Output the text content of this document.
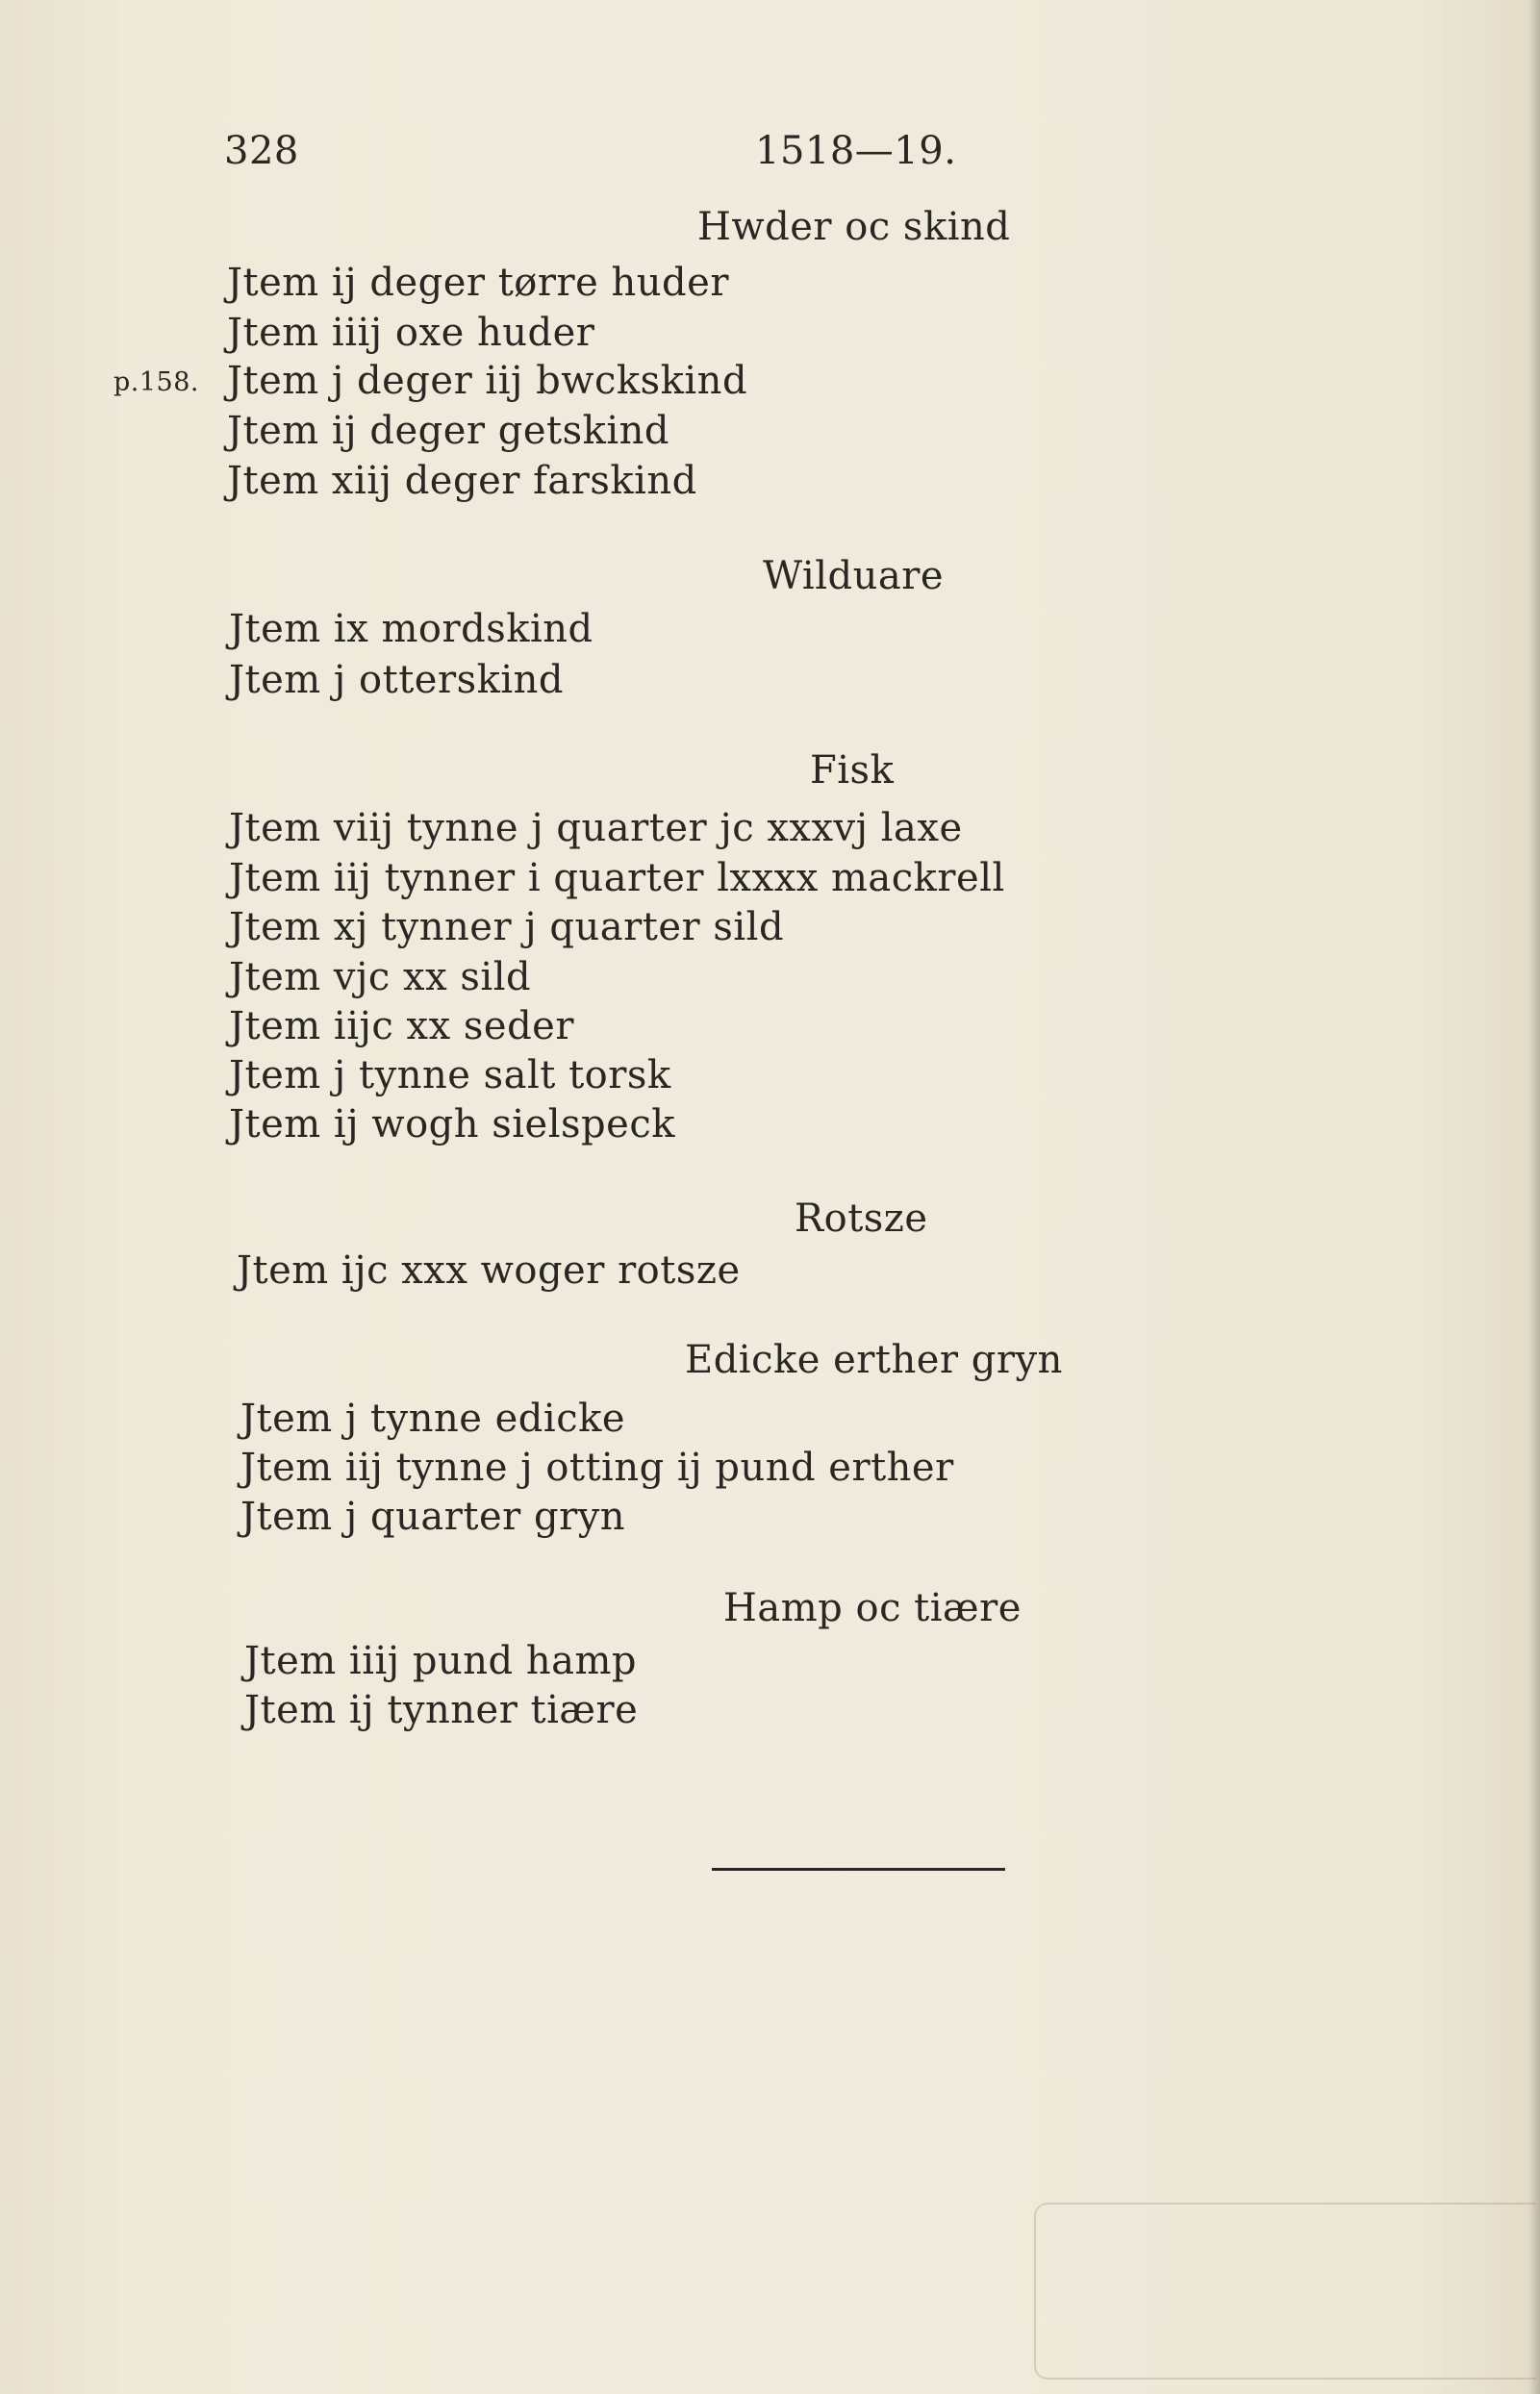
328	1518—19.
Hwder oc skind
Jtem ij deger tørre huder
Jtem iiij oxe huder
p.158. Jtem j deger iij bwckskind
Jtem ij deger getskind
Jtem xiij deger farskind
Wilduare
Jtem ix mordskind
Jtem j otterskind
Fisk
Jtem viij tynne j quarter jc xxxvj laxe
Jtem iij tynner i quarter lxxxx mackrell
Jtem xj tynner j quarter sild
Jtem vjc xx sild
Jtem iijc xx seder
Jtem j tynne salt torsk
Jtem ij wogh sielspeck
Rotsze
Jtem ijc xxx woger rotsze
Edicke erther gryn
Jtem j tynne edicke
Jtem iij tynne j otting ij pund erther
Jtem j quarter gryn
Hamp oc tiære
Jtem iiij pund hamp
Jtem ij tynner tiære
